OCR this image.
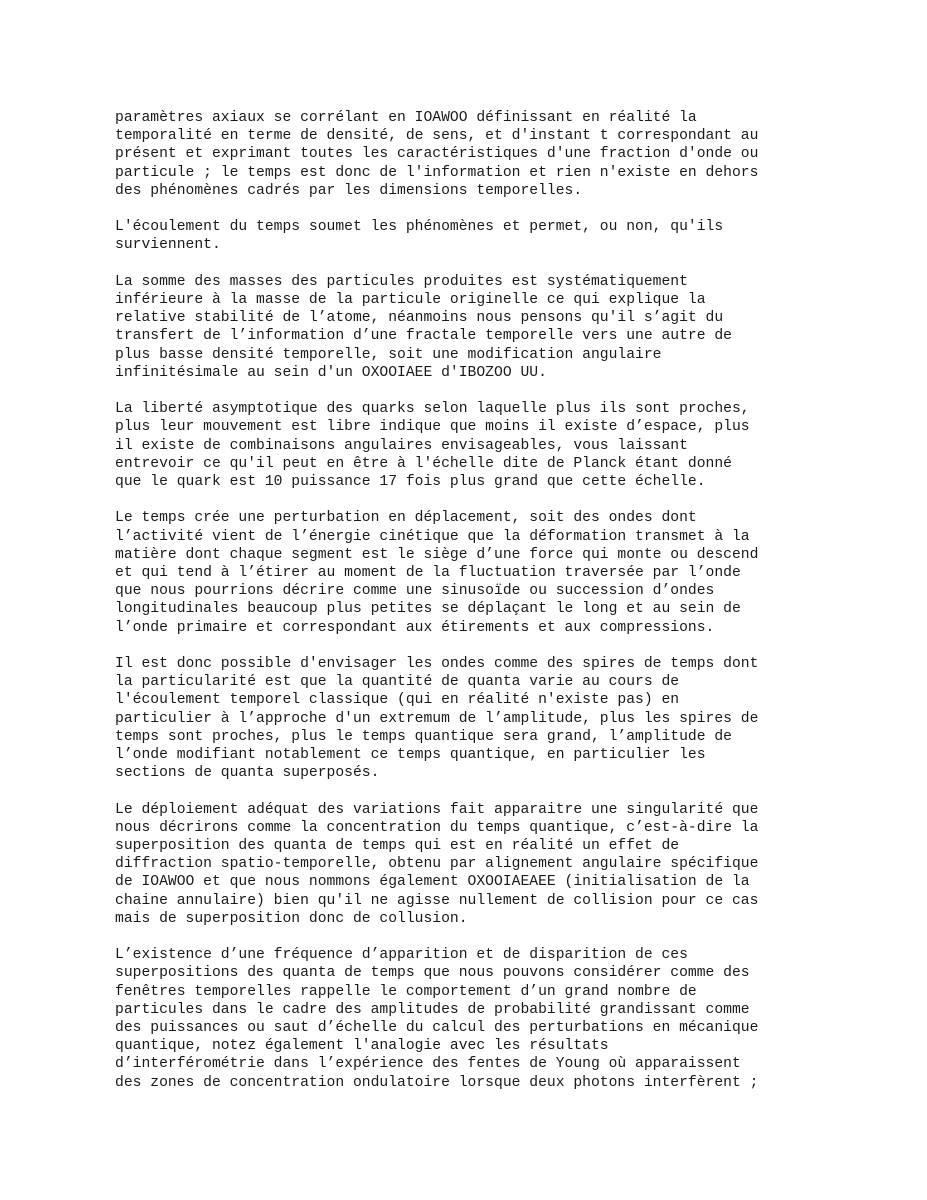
paramètres axiaux se corrélant en IOAWOO définissant en réalité la
temporalité en terme de densité, de sens, et d'instant t correspondant au
présent et exprimant toutes les caractéristiques d'une fraction d'onde ou
particule ; le temps est donc de l'information et rien n'existe en dehors
des phénomènes cadrés par les dimensions temporelles.
L'écoulement du temps soumet les phénomènes et permet, ou non, qu'ils
surviennent.
La somme des masses des particules produites est systématiquement
inférieure à la masse de la particule originelle ce qui explique la
relative stabilité de l’atome, néanmoins nous pensons qu'il s’agit du
transfert de l’information d’une fractale temporelle vers une autre de
plus basse densité temporelle, soit une modification angulaire
infinitésimale au sein d'un OXOOIAEE d'IBOZOO UU.
La liberté asymptotique des quarks selon laquelle plus ils sont proches,
plus leur mouvement est libre indique que moins il existe d’espace, plus
il existe de combinaisons angulaires envisageables, vous laissant
entrevoir ce qu'il peut en être à l'échelle dite de Planck étant donné
que le quark est 10 puissance 17 fois plus grand que cette échelle.
Le temps crée une perturbation en déplacement, soit des ondes dont
l’activité vient de l’énergie cinétique que la déformation transmet à la
matière dont chaque segment est le siège d’une force qui monte ou descend
et qui tend à l’étirer au moment de la fluctuation traversée par l’onde
que nous pourrions décrire comme une sinusoïde ou succession d’ondes
longitudinales beaucoup plus petites se déplaçant le long et au sein de
l’onde primaire et correspondant aux étirements et aux compressions.
Il est donc possible d'envisager les ondes comme des spires de temps dont
la particularité est que la quantité de quanta varie au cours de
l'écoulement temporel classique (qui en réalité n'existe pas) en
particulier à l’approche d'un extremum de l’amplitude, plus les spires de
temps sont proches, plus le temps quantique sera grand, l’amplitude de
l’onde modifiant notablement ce temps quantique, en particulier les
sections de quanta superposés.
Le déploiement adéquat des variations fait apparaitre une singularité que
nous décrirons comme la concentration du temps quantique, c’est-à-dire la
superposition des quanta de temps qui est en réalité un effet de
diffraction spatio-temporelle, obtenu par alignement angulaire spécifique
de IOAWOO et que nous nommons également OXOOIAEAEE (initialisation de la
chaine annulaire) bien qu'il ne agisse nullement de collision pour ce cas
mais de superposition donc de collusion.
L’existence d’une fréquence d’apparition et de disparition de ces
superpositions des quanta de temps que nous pouvons considérer comme des
fenêtres temporelles rappelle le comportement d’un grand nombre de
particules dans le cadre des amplitudes de probabilité grandissant comme
des puissances ou saut d’échelle du calcul des perturbations en mécanique
quantique, notez également l'analogie avec les résultats
d’interférométrie dans l’expérience des fentes de Young où apparaissent
des zones de concentration ondulatoire lorsque deux photons interfèrent ;
